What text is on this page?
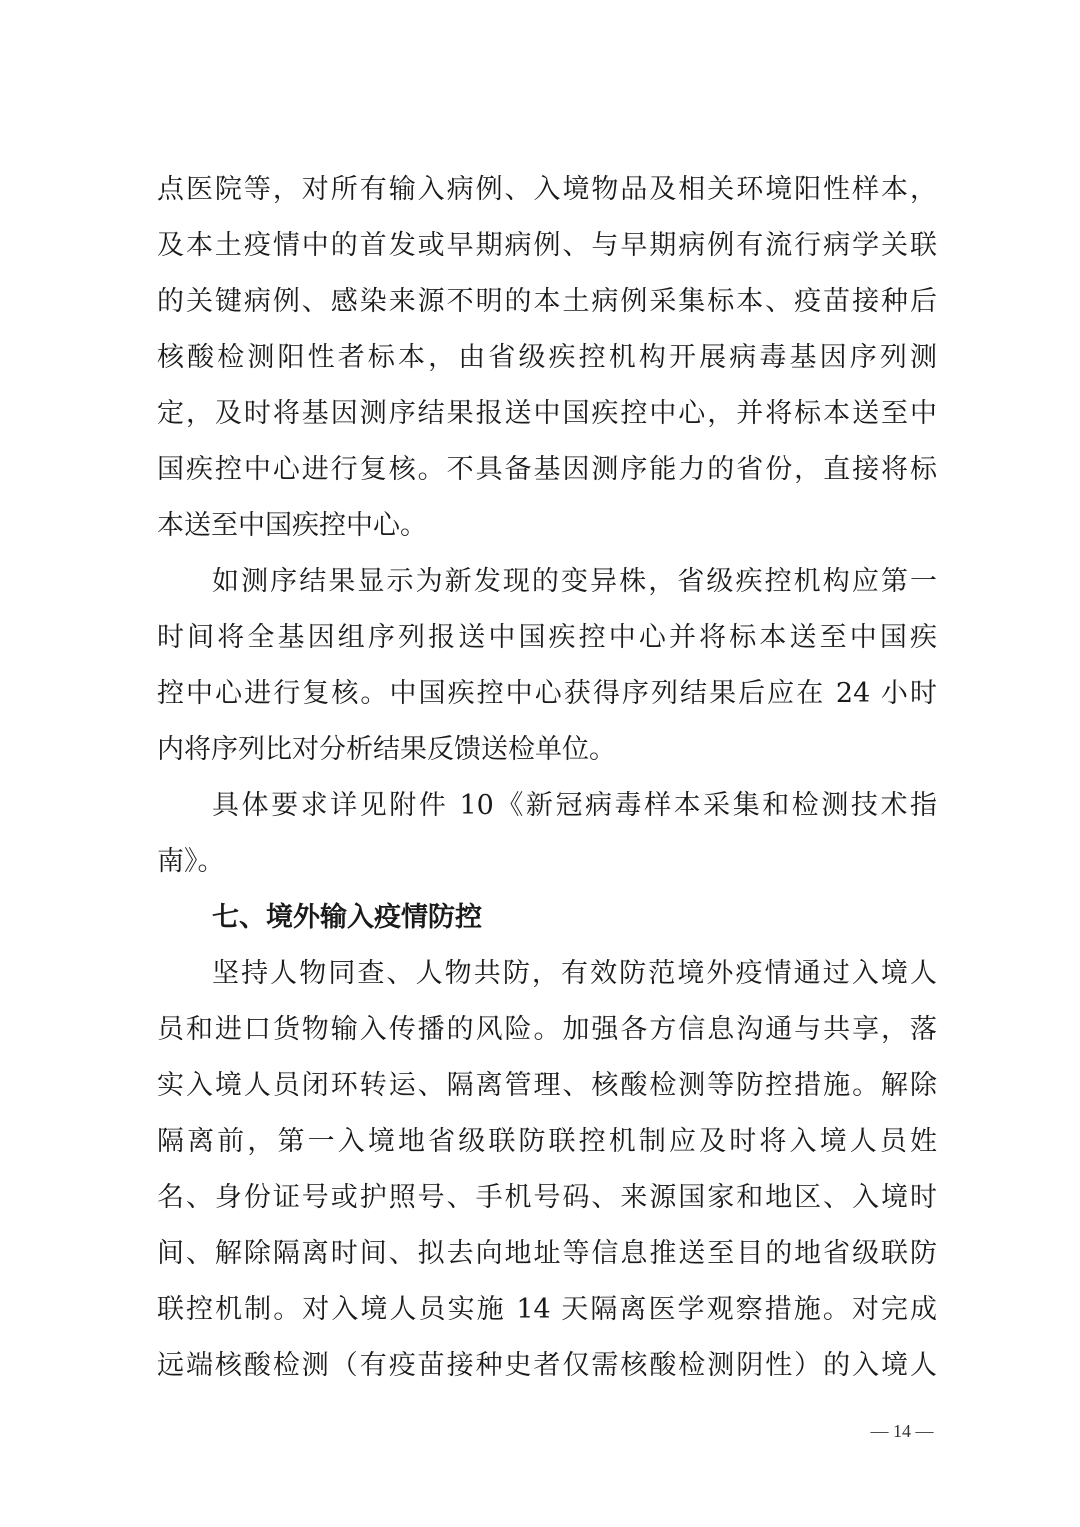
点医院等，对所有输入病例、入境物品及相关环境阳性样本，
及本土疫情中的首发或早期病例、与早期病例有流行病学关联
的关键病例、感染来源不明的本土病例采集标本、疫苗接种后
核酸检测阳性者标本，由省级疾控机构开展病毒基因序列测
定，及时将基因测序结果报送中国疾控中心，并将标本送至中
国疾控中心进行复核。不具备基因测序能力的省份，直接将标
本送至中国疾控中心。
如测序结果显示为新发现的变异株，省级疾控机构应第一
时间将全基因组序列报送中国疾控中心并将标本送至中国疾
控中心进行复核。中国疾控中心获得序列结果后应在 24 小时
内将序列比对分析结果反馈送检单位。
具体要求详见附件 10《新冠病毒样本采集和检测技术指
南》。
七、境外输入疫情防控
坚持人物同查、人物共防，有效防范境外疫情通过入境人
员和进口货物输入传播的风险。加强各方信息沟通与共享，落
实入境人员闭环转运、隔离管理、核酸检测等防控措施。解除
隔离前，第一入境地省级联防联控机制应及时将入境人员姓
名、身份证号或护照号、手机号码、来源国家和地区、入境时
间、解除隔离时间、拟去向地址等信息推送至目的地省级联防
联控机制。对入境人员实施 14 天隔离医学观察措施。对完成
远端核酸检测（有疫苗接种史者仅需核酸检测阴性）的入境人
— 14 —
